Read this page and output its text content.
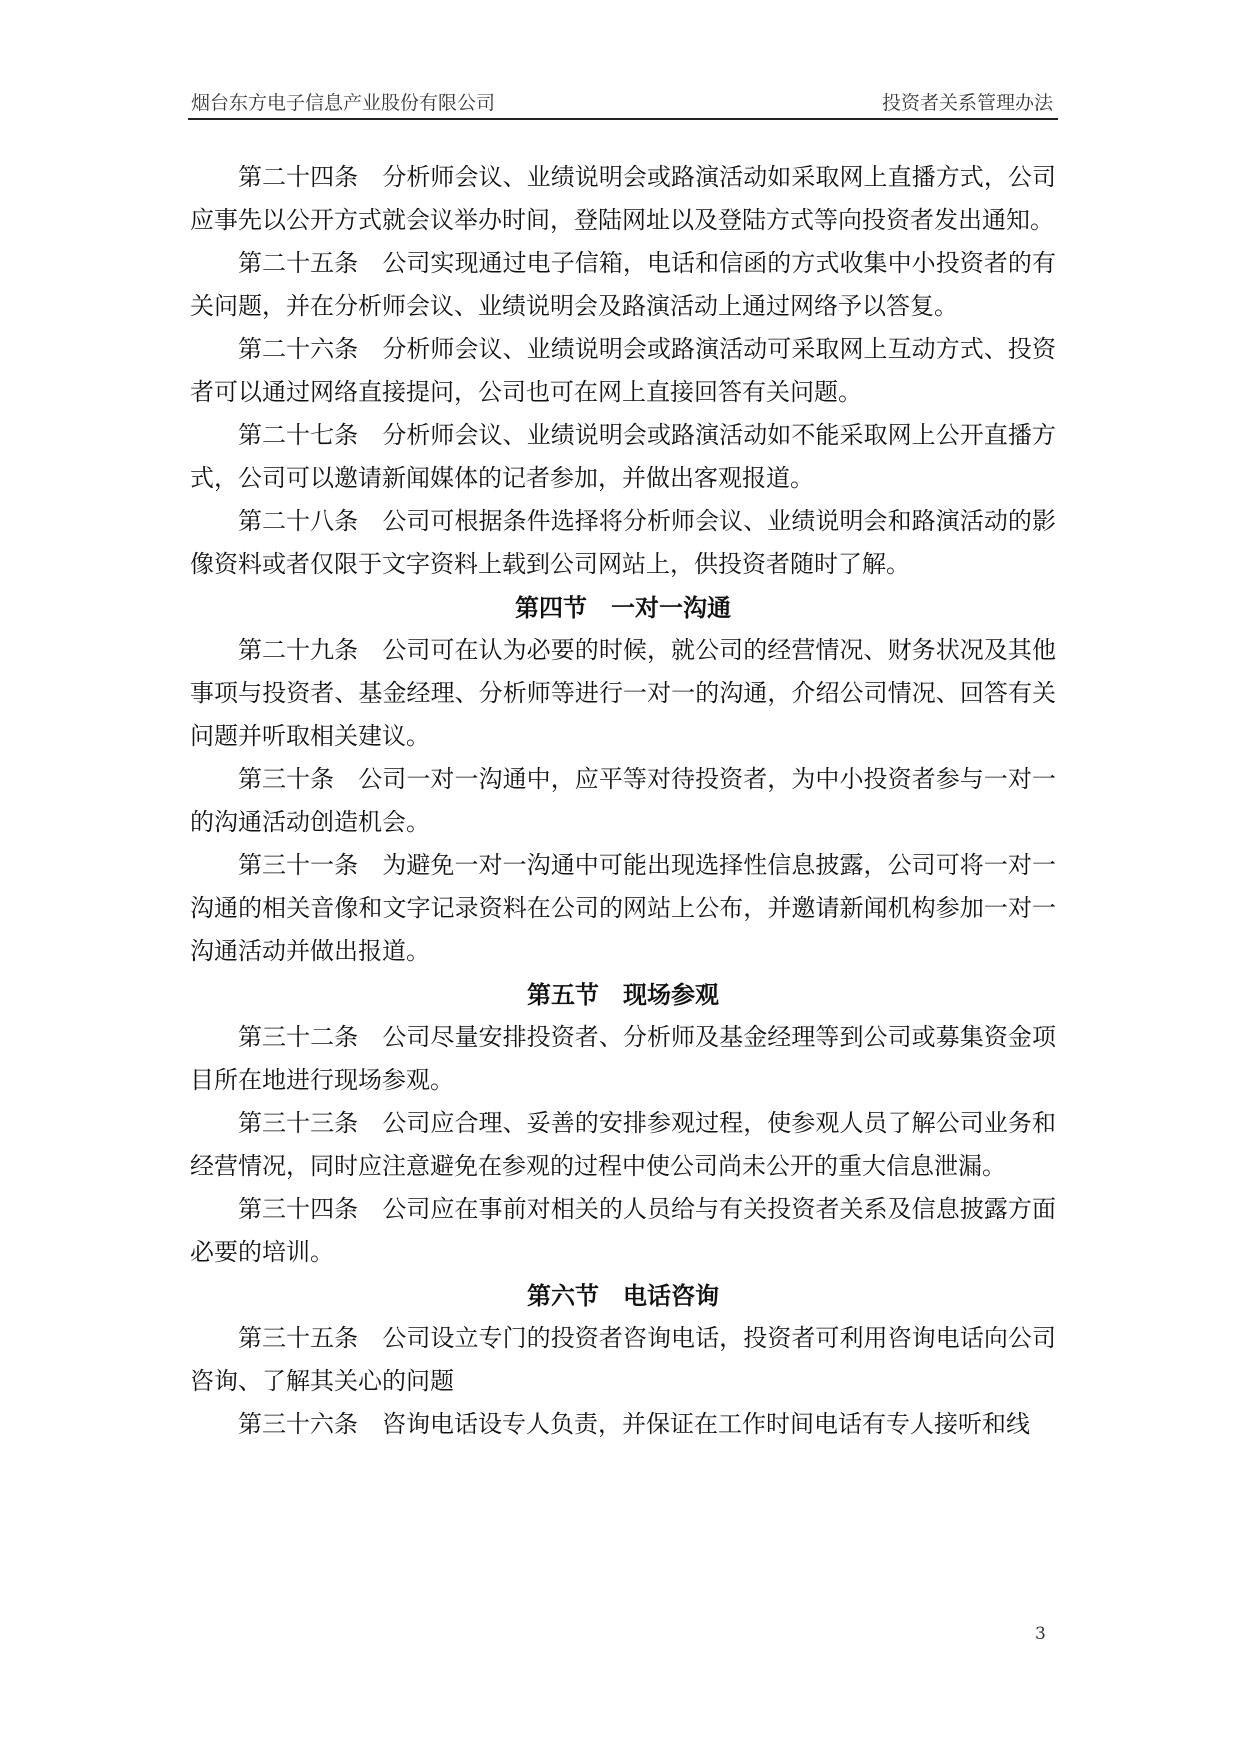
烟台东方电子信息产业股份有限公司	投资者关系管理办法

第二十四条 分析师会议、业绩说明会或路演活动如采取网上直播方式，公司应事先以公开方式就会议举办时间，登陆网址以及登陆方式等向投资者发出通知。

第二十五条 公司实现通过电子信箱，电话和信函的方式收集中小投资者的有关问题，并在分析师会议、业绩说明会及路演活动上通过网络予以答复。

第二十六条 分析师会议、业绩说明会或路演活动可采取网上互动方式、投资者可以通过网络直接提问，公司也可在网上直接回答有关问题。

第二十七条 分析师会议、业绩说明会或路演活动如不能采取网上公开直播方式，公司可以邀请新闻媒体的记者参加，并做出客观报道。

第二十八条 公司可根据条件选择将分析师会议、业绩说明会和路演活动的影像资料或者仅限于文字资料上载到公司网站上，供投资者随时了解。

第四节 一对一沟通

第二十九条 公司可在认为必要的时候，就公司的经营情况、财务状况及其他事项与投资者、基金经理、分析师等进行一对一的沟通，介绍公司情况、回答有关问题并听取相关建议。

第三十条 公司一对一沟通中，应平等对待投资者，为中小投资者参与一对一的沟通活动创造机会。

第三十一条 为避免一对一沟通中可能出现选择性信息披露，公司可将一对一沟通的相关音像和文字记录资料在公司的网站上公布，并邀请新闻机构参加一对一沟通活动并做出报道。

第五节 现场参观

第三十二条 公司尽量安排投资者、分析师及基金经理等到公司或募集资金项目所在地进行现场参观。

第三十三条 公司应合理、妥善的安排参观过程，使参观人员了解公司业务和经营情况，同时应注意避免在参观的过程中使公司尚未公开的重大信息泄漏。

第三十四条 公司应在事前对相关的人员给与有关投资者关系及信息披露方面必要的培训。

第六节 电话咨询

第三十五条 公司设立专门的投资者咨询电话，投资者可利用咨询电话向公司咨询、了解其关心的问题

第三十六条 咨询电话设专人负责，并保证在工作时间电话有专人接听和线

3
